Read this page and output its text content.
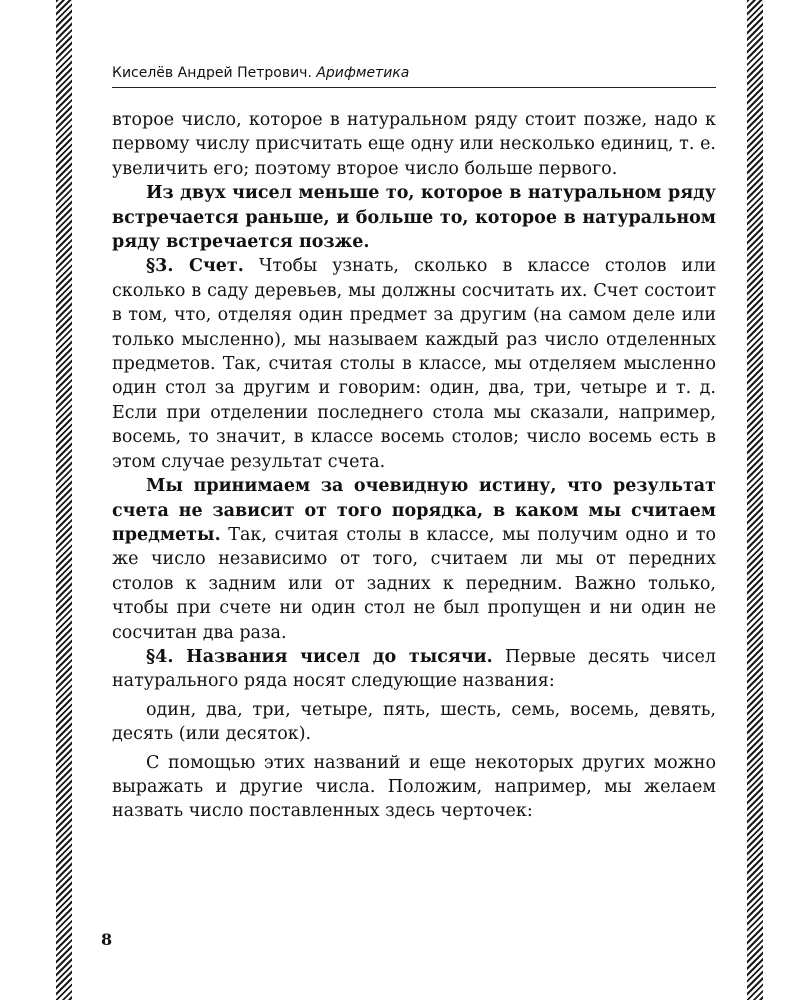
Киселёв Андрей Петрович. Арифметика

второе число, которое в натуральном ряду стоит позже, надо к первому числу присчитать еще одну или несколько единиц, т. е. увеличить его; поэтому второе число больше первого.

Из двух чисел меньше то, которое в натуральном ряду встречается раньше, и больше то, которое в натуральном ряду встречается позже.

§3. Счет. Чтобы узнать, сколько в классе столов или сколько в саду деревьев, мы должны сосчитать их. Счет состоит в том, что, отделяя один предмет за другим (на самом деле или только мысленно), мы называем каждый раз число отделенных предметов. Так, считая столы в классе, мы отделяем мысленно один стол за другим и говорим: один, два, три, четыре и т. д. Если при отделении последнего стола мы сказали, например, восемь, то значит, в классе восемь столов; число восемь есть в этом случае результат счета.

Мы принимаем за очевидную истину, что результат счета не зависит от того порядка, в каком мы считаем предметы. Так, считая столы в классе, мы получим одно и то же число независимо от того, считаем ли мы от передних столов к задним или от задних к передним. Важно только, чтобы при счете ни один стол не был пропущен и ни один не сосчитан два раза.

§4. Названия чисел до тысячи. Первые десять чисел натурального ряда носят следующие названия:

один, два, три, четыре, пять, шесть, семь, восемь, девять, десять (или десяток).

С помощью этих названий и еще некоторых других можно выражать и другие числа. Положим, например, мы желаем назвать число поставленных здесь черточек:

8
